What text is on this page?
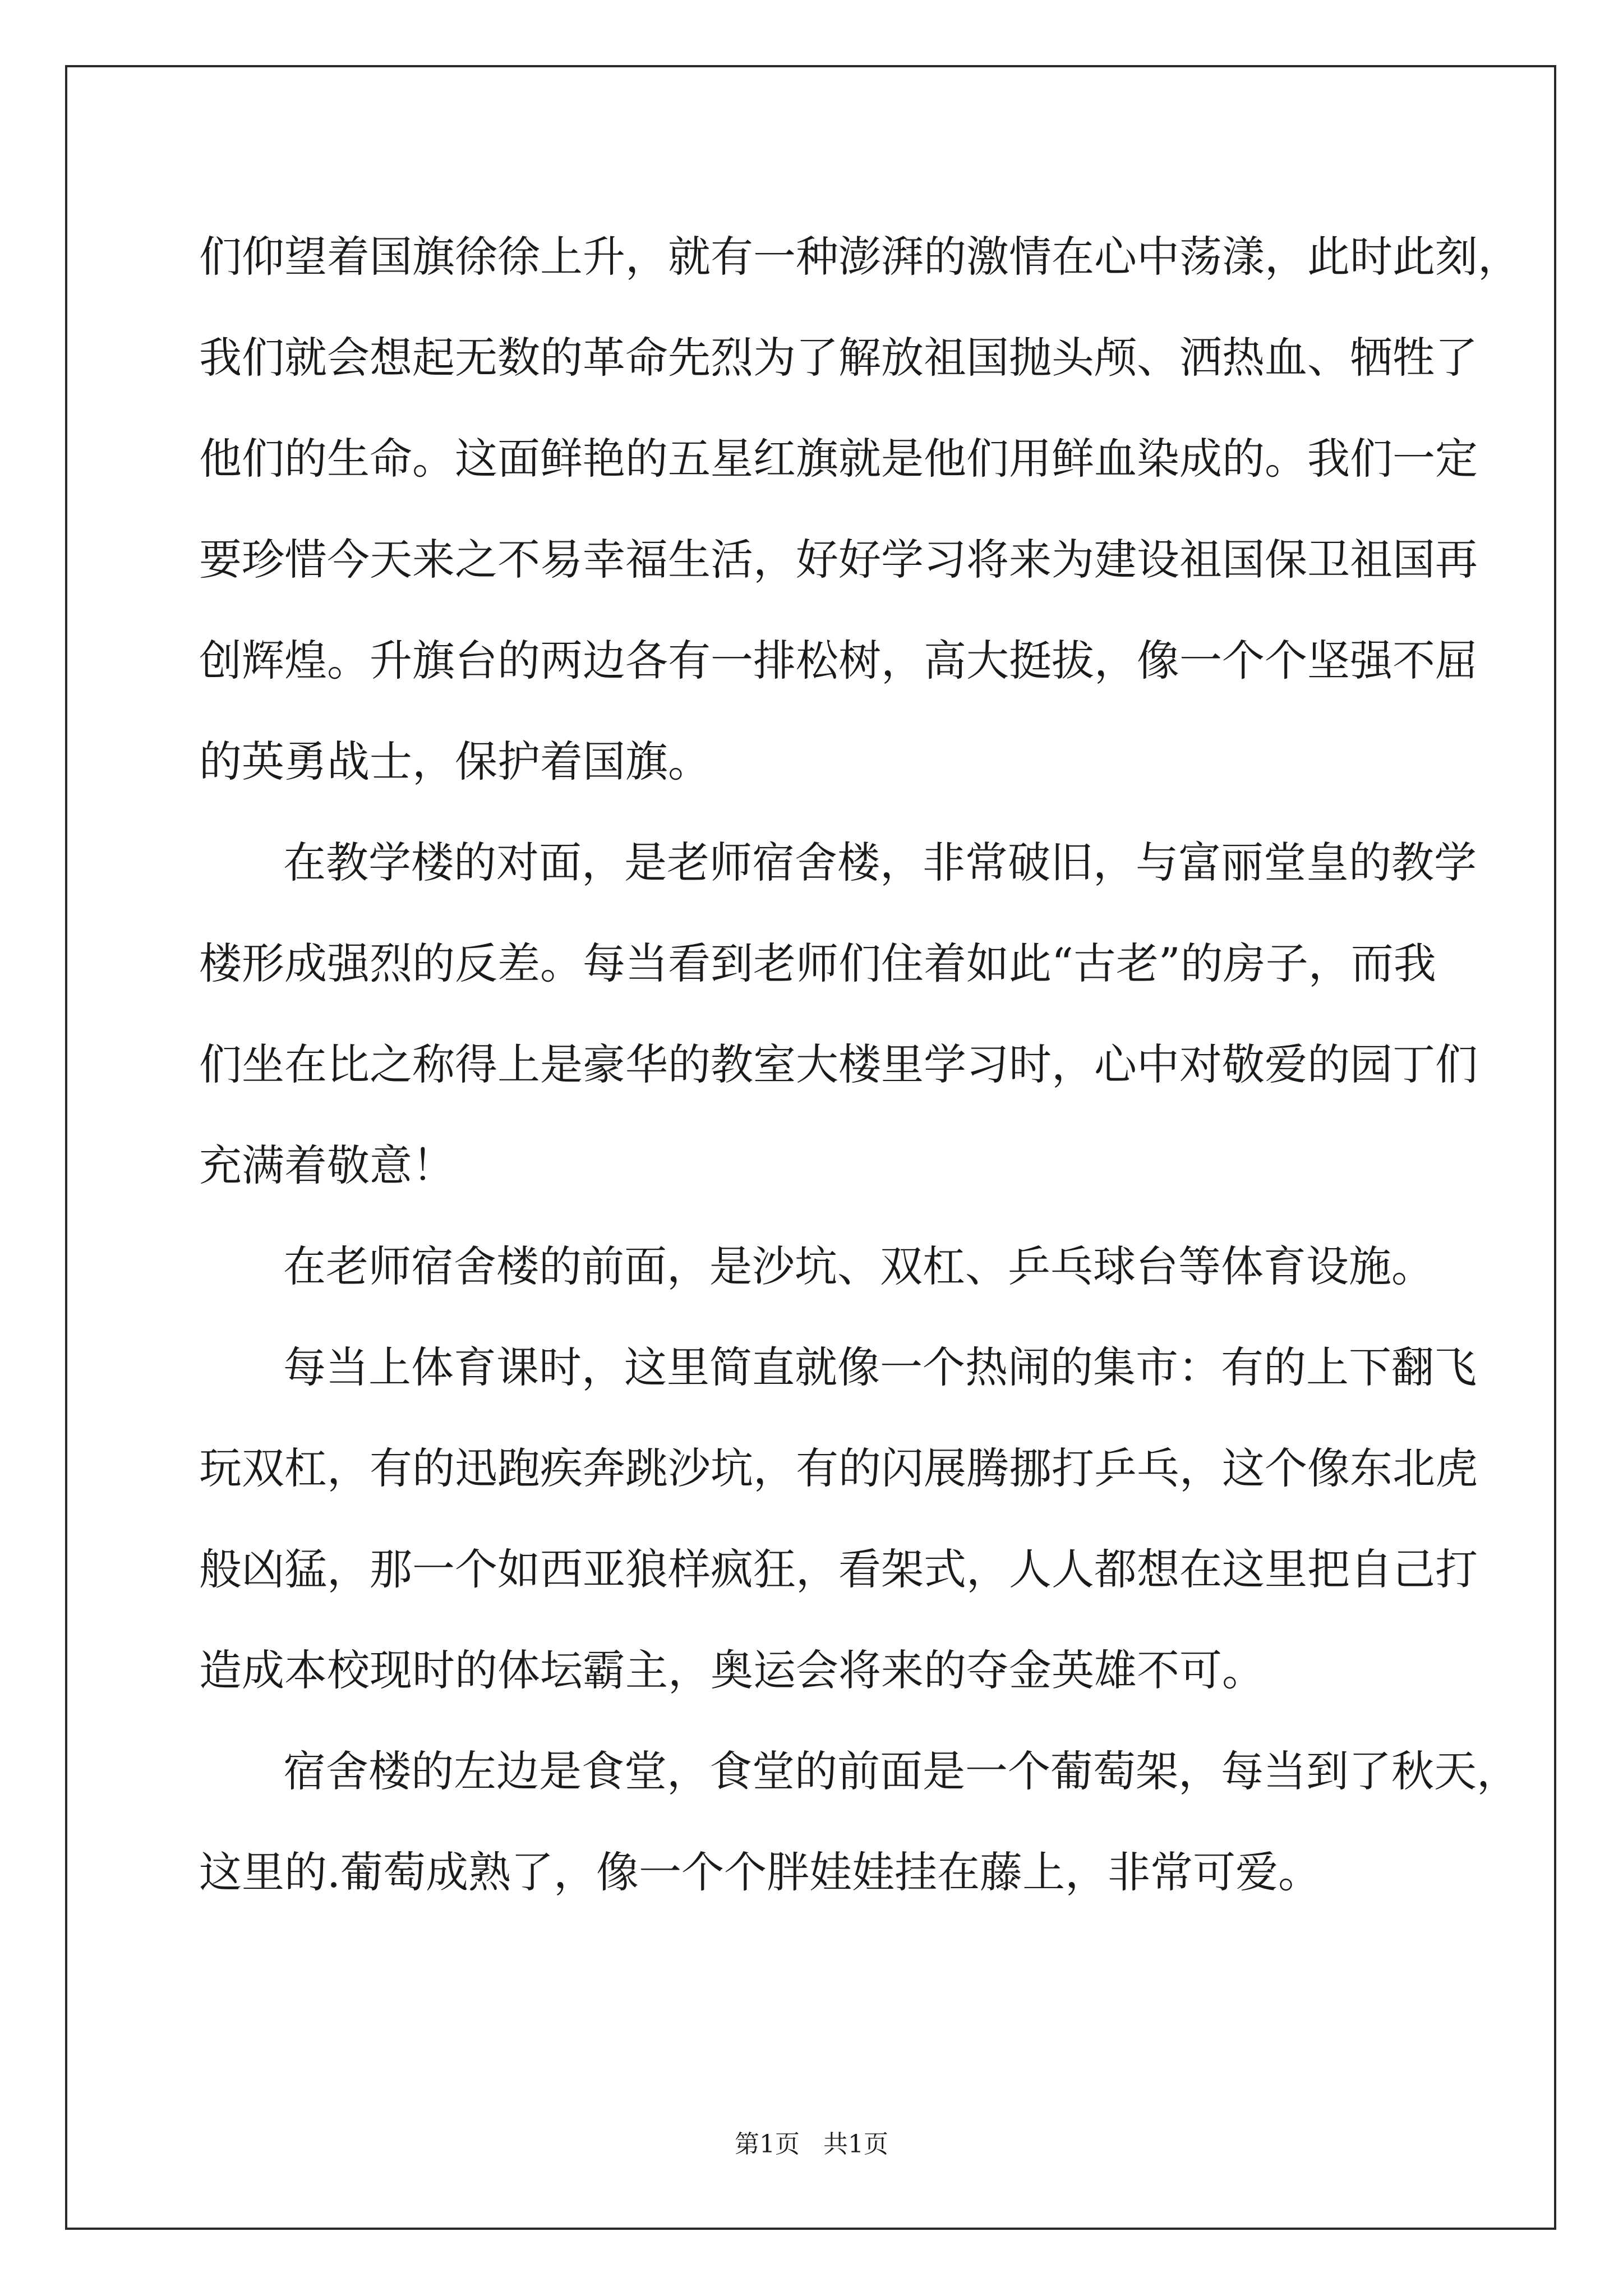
们仰望着国旗徐徐上升，就有一种澎湃的激情在心中荡漾，此时此刻，
我们就会想起无数的革命先烈为了解放祖国抛头颅、洒热血、牺牲了
他们的生命。这面鲜艳的五星红旗就是他们用鲜血染成的。我们一定
要珍惜今天来之不易幸福生活，好好学习将来为建设祖国保卫祖国再
创辉煌。升旗台的两边各有一排松树，高大挺拔，像一个个坚强不屈
的英勇战士，保护着国旗。
在教学楼的对面，是老师宿舍楼，非常破旧，与富丽堂皇的教学
楼形成强烈的反差。每当看到老师们住着如此“古老”的房子，而我
们坐在比之称得上是豪华的教室大楼里学习时，心中对敬爱的园丁们
充满着敬意！
在老师宿舍楼的前面，是沙坑、双杠、乒乓球台等体育设施。
每当上体育课时，这里简直就像一个热闹的集市：有的上下翻飞
玩双杠，有的迅跑疾奔跳沙坑，有的闪展腾挪打乒乓，这个像东北虎
般凶猛，那一个如西亚狼样疯狂，看架式，人人都想在这里把自己打
造成本校现时的体坛霸主，奥运会将来的夺金英雄不可。
宿舍楼的左边是食堂，食堂的前面是一个葡萄架，每当到了秋天，
这里的.葡萄成熟了，像一个个胖娃娃挂在藤上，非常可爱。
第1页   共1页
